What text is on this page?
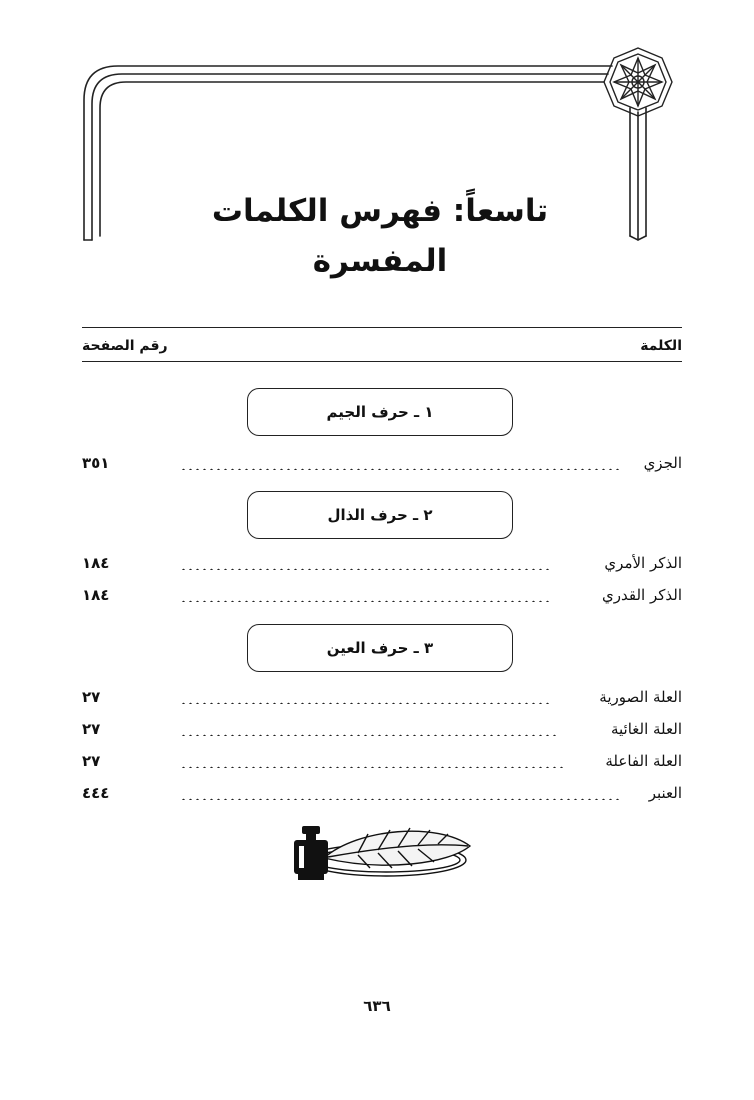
تاسعاً: فهرس الكلمات المفسرة
الكلمة
رقم الصفحة
١ ـ حرف الجيم
الجزي
٣٥١
٢ ـ حرف الذال
الذكر الأمري
١٨٤
الذكر القدري
١٨٤
٣ ـ حرف العين
العلة الصورية
٢٧
العلة الغائية
٢٧
العلة الفاعلة
٢٧
العنبر
٤٤٤
٦٣٦
